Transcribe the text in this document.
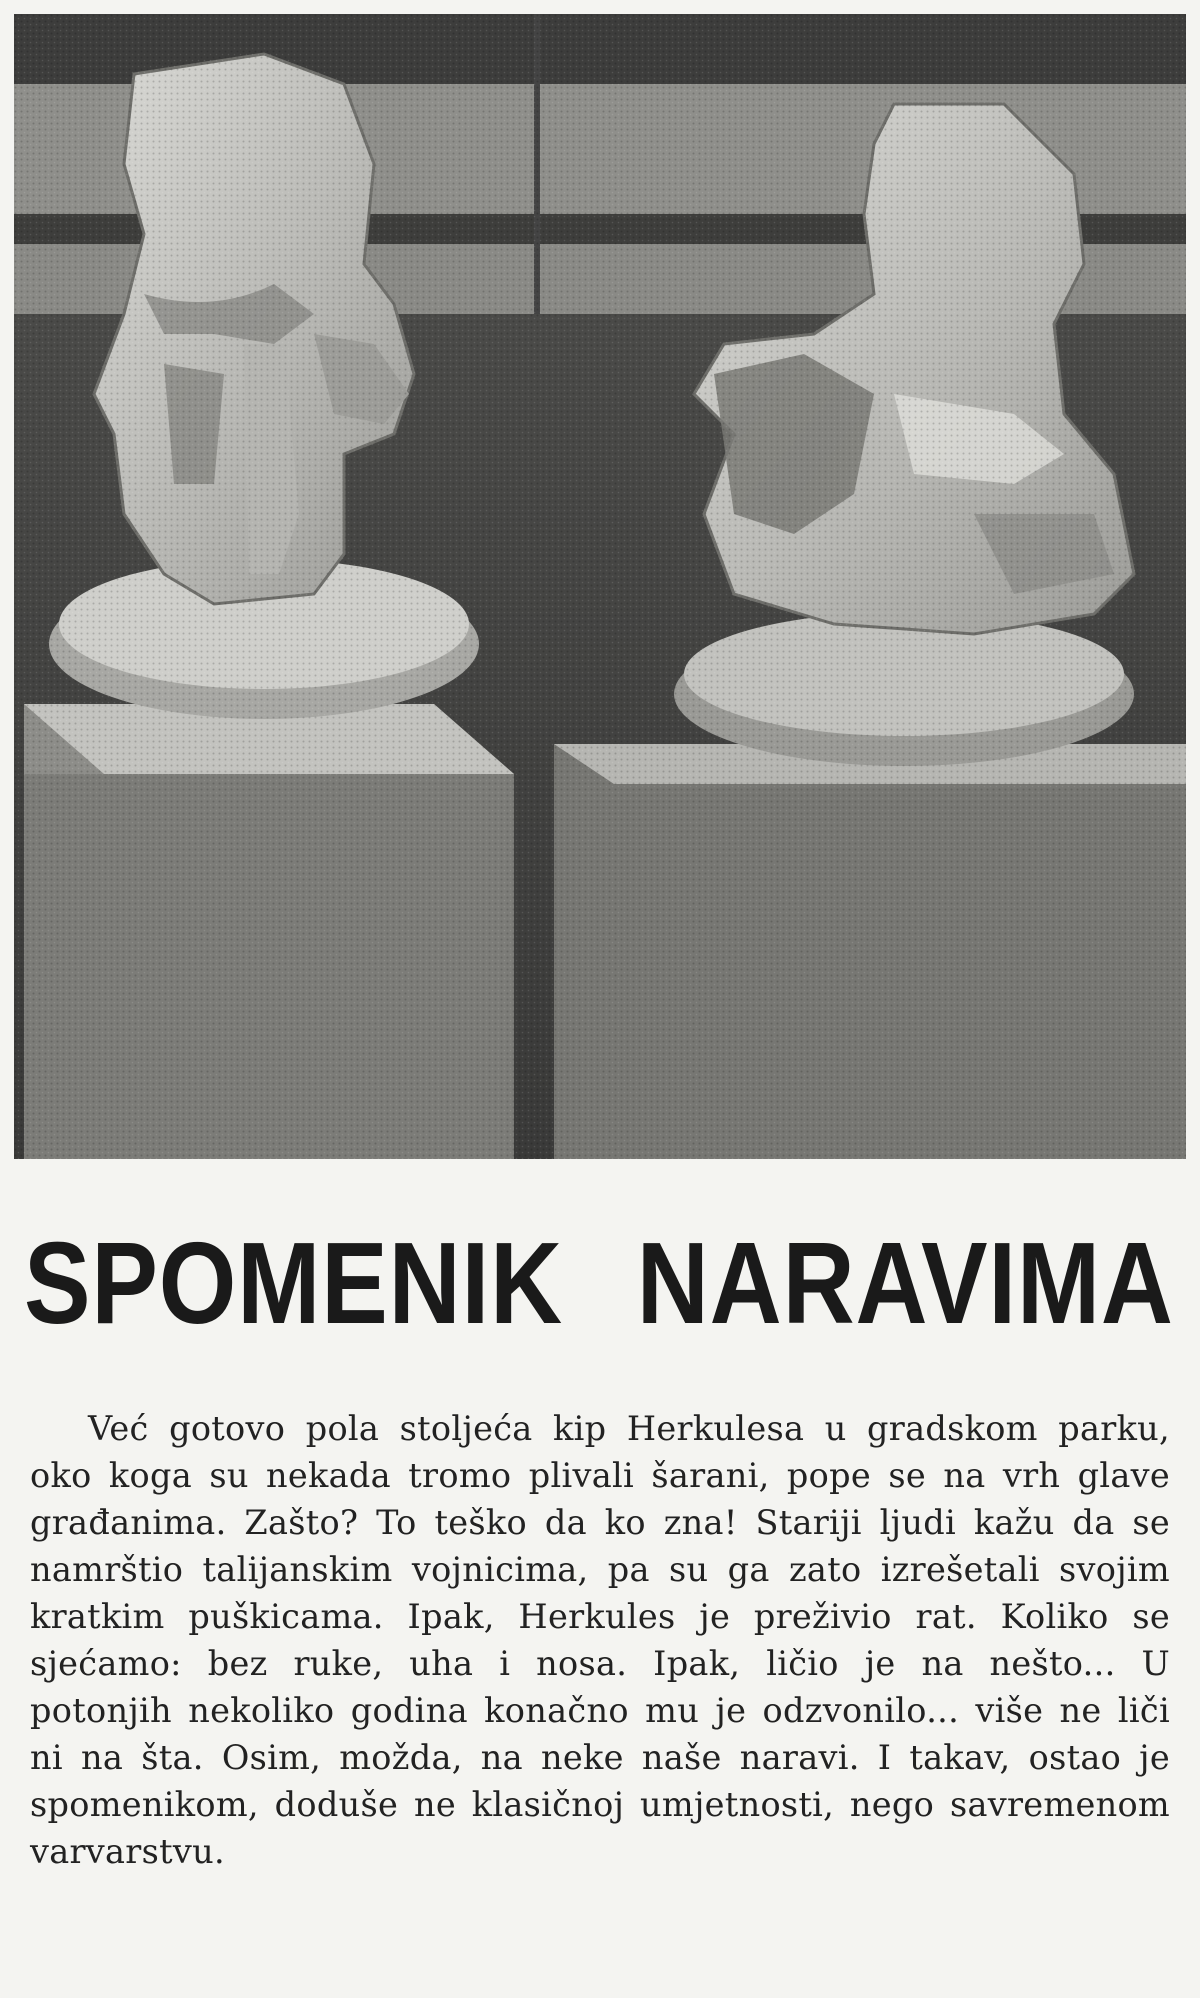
SPOMENIK NARAVIMA
Već gotovo pola stoljeća kip Herkulesa u gradskom parku, oko koga su nekada tromo plivali šarani, pope se na vrh glave građanima. Zašto? To teško da ko zna! Stariji ljudi kažu da se namrštio talijanskim vojnicima, pa su ga zato izrešetali svojim kratkim puškicama. Ipak, Herkules je preživio rat. Koliko se sjećamo: bez ruke, uha i nosa. Ipak, ličio je na nešto... U potonjih nekoliko godina konačno mu je odzvonilo... više ne liči ni na šta. Osim, možda, na neke naše naravi. I takav, ostao je spomenikom, doduše ne klasičnoj umjetnosti, nego savremenom varvarstvu.
